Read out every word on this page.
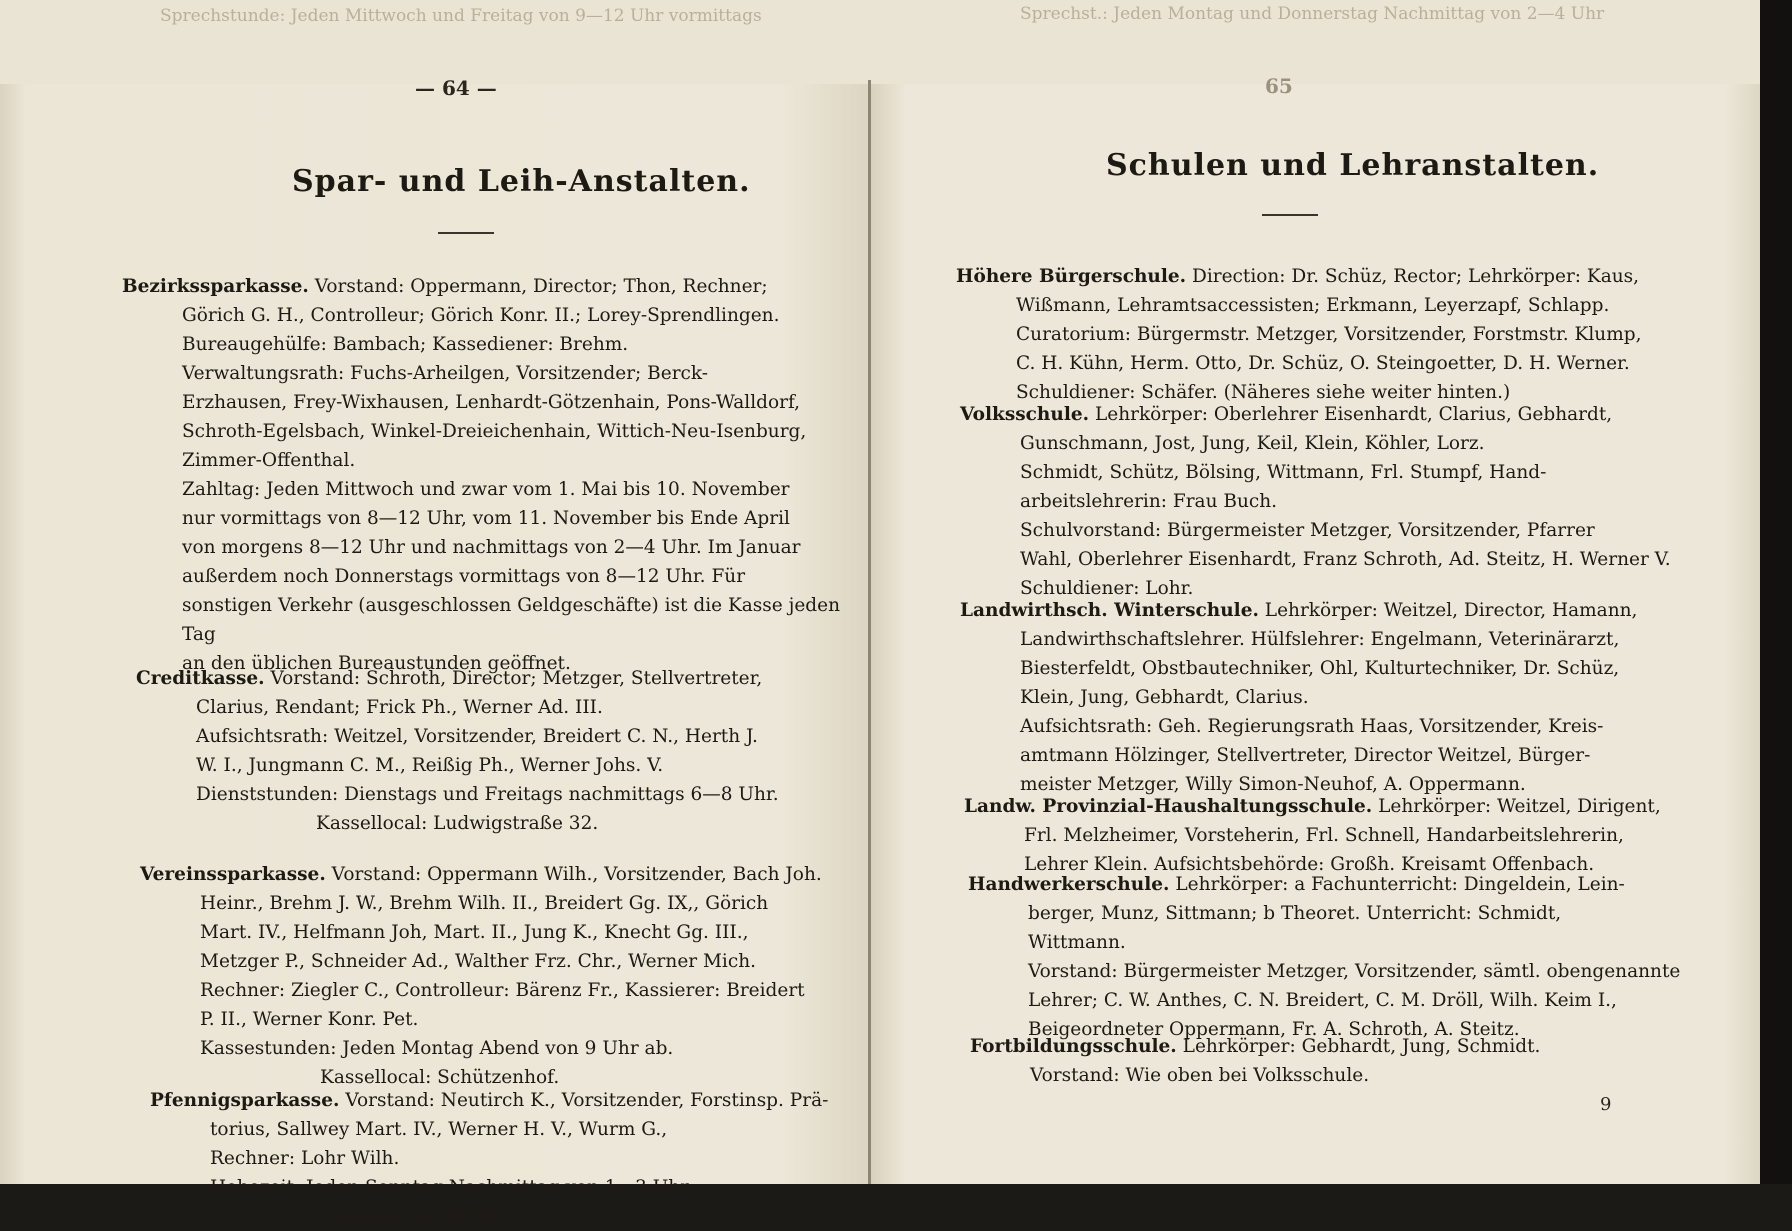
Sprechstunde: Jeden Mittwoch und Freitag von 9—12 Uhr vormittags	Sprechst.: Jeden Montag und Donnerstag Nachmittag von 2—4 Uhr
— 64 —
Spar- und Leih-Anstalten.

Bezirkssparkasse. Vorstand: Oppermann, Director; Thon, Rechner;

Görich G. H., Controlleur; Görich Konr. II.; Lorey-Sprendlingen.

Bureaugehülfe: Bambach; Kassediener: Brehm.

Verwaltungsrath: Fuchs-Arheilgen, Vorsitzender; Berck-

Erzhausen, Frey-Wixhausen, Lenhardt-Götzenhain, Pons-Walldorf,

Schroth-Egelsbach, Winkel-Dreieichenhain, Wittich-Neu-Isenburg,

Zimmer-Offenthal.

Zahltag: Jeden Mittwoch und zwar vom 1. Mai bis 10. November

nur vormittags von 8—12 Uhr, vom 11. November bis Ende April

von morgens 8—12 Uhr und nachmittags von 2—4 Uhr. Im Januar

außerdem noch Donnerstags vormittags von 8—12 Uhr. Für

sonstigen Verkehr (ausgeschlossen Geldgeschäfte) ist die Kasse jeden Tag

an den üblichen Bureaustunden geöffnet.

Creditkasse. Vorstand: Schroth, Director; Metzger, Stellvertreter,

Clarius, Rendant; Frick Ph., Werner Ad. III.

Aufsichtsrath: Weitzel, Vorsitzender, Breidert C. N., Herth J.

W. I., Jungmann C. M., Reißig Ph., Werner Johs. V.

Dienststunden: Dienstags und Freitags nachmittags 6—8 Uhr.

Kassellocal: Ludwigstraße 32.

Vereinssparkasse. Vorstand: Oppermann Wilh., Vorsitzender, Bach Joh.

Heinr., Brehm J. W., Brehm Wilh. II., Breidert Gg. IX,, Görich

Mart. IV., Helfmann Joh, Mart. II., Jung K., Knecht Gg. III.,

Metzger P., Schneider Ad., Walther Frz. Chr., Werner Mich.

Rechner: Ziegler C., Controlleur: Bärenz Fr., Kassierer: Breidert

P. II., Werner Konr. Pet.

Kassestunden: Jeden Montag Abend von 9 Uhr ab.

Kassellocal: Schützenhof.

Pfennigsparkasse. Vorstand: Neutirch K., Vorsitzender, Forstinsp. Prä-

torius, Sallwey Mart. IV., Werner H. V., Wurm G.,

Rechner: Lohr Wilh.

Hebezeit: Jeden Sonntag Nachmittag von 1—3 Uhr.

Kassellocal: Adler.

65
Schulen und Lehranstalten.

Höhere Bürgerschule. Direction: Dr. Schüz, Rector; Lehrkörper: Kaus,

Wißmann, Lehramtsaccessisten; Erkmann, Leyerzapf, Schlapp.

Curatorium: Bürgermstr. Metzger, Vorsitzender, Forstmstr. Klump,

C. H. Kühn, Herm. Otto, Dr. Schüz, O. Steingoetter, D. H. Werner.

Schuldiener: Schäfer. (Näheres siehe weiter hinten.)

Volksschule. Lehrkörper: Oberlehrer Eisenhardt, Clarius, Gebhardt,

Gunschmann, Jost, Jung, Keil, Klein, Köhler, Lorz.

Schmidt, Schütz, Bölsing, Wittmann, Frl. Stumpf, Hand-

arbeitslehrerin: Frau Buch.

Schulvorstand: Bürgermeister Metzger, Vorsitzender, Pfarrer

Wahl, Oberlehrer Eisenhardt, Franz Schroth, Ad. Steitz, H. Werner V.

Schuldiener: Lohr.

Landwirthsch. Winterschule. Lehrkörper: Weitzel, Director, Hamann,

Landwirthschaftslehrer. Hülfslehrer: Engelmann, Veterinärarzt,

Biesterfeldt, Obstbautechniker, Ohl, Kulturtechniker, Dr. Schüz,

Klein, Jung, Gebhardt, Clarius.

Aufsichtsrath: Geh. Regierungsrath Haas, Vorsitzender, Kreis-

amtmann Hölzinger, Stellvertreter, Director Weitzel, Bürger-

meister Metzger, Willy Simon-Neuhof, A. Oppermann.

Landw. Provinzial-Haushaltungsschule. Lehrkörper: Weitzel, Dirigent,

Frl. Melzheimer, Vorsteherin, Frl. Schnell, Handarbeitslehrerin,

Lehrer Klein. Aufsichtsbehörde: Großh. Kreisamt Offenbach.

Handwerkerschule. Lehrkörper: a Fachunterricht: Dingeldein, Lein-

berger, Munz, Sittmann; b Theoret. Unterricht: Schmidt,

Wittmann.

Vorstand: Bürgermeister Metzger, Vorsitzender, sämtl. obengenannte

Lehrer; C. W. Anthes, C. N. Breidert, C. M. Dröll, Wilh. Keim I.,

Beigeordneter Oppermann, Fr. A. Schroth, A. Steitz.

Fortbildungsschule. Lehrkörper: Gebhardt, Jung, Schmidt.

Vorstand: Wie oben bei Volksschule.

9
